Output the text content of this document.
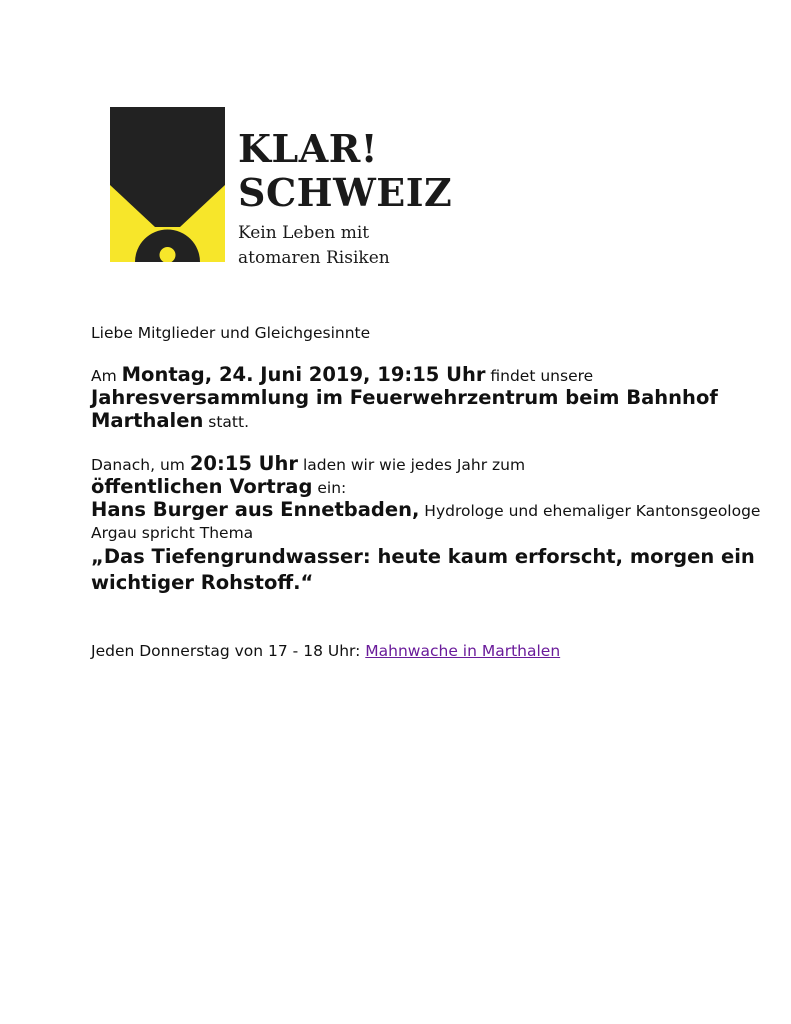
KLAR!
SCHWEIZ
Kein Leben mit
atomaren Risiken

Liebe Mitglieder und Gleichgesinnte

Am Montag, 24. Juni 2019, 19:15 Uhr findet unsere
Jahresversammlung im Feuerwehrzentrum beim Bahnhof Marthalen statt.

Danach, um 20:15 Uhr laden wir wie jedes Jahr zum
öffentlichen Vortrag ein:
Hans Burger aus Ennetbaden, Hydrologe und ehemaliger Kantonsgeologe Argau spricht Thema
„Das Tiefengrundwasser: heute kaum erforscht, morgen ein wichtiger Rohstoff.“

Jeden Donnerstag von 17 - 18 Uhr: Mahnwache in Marthalen
